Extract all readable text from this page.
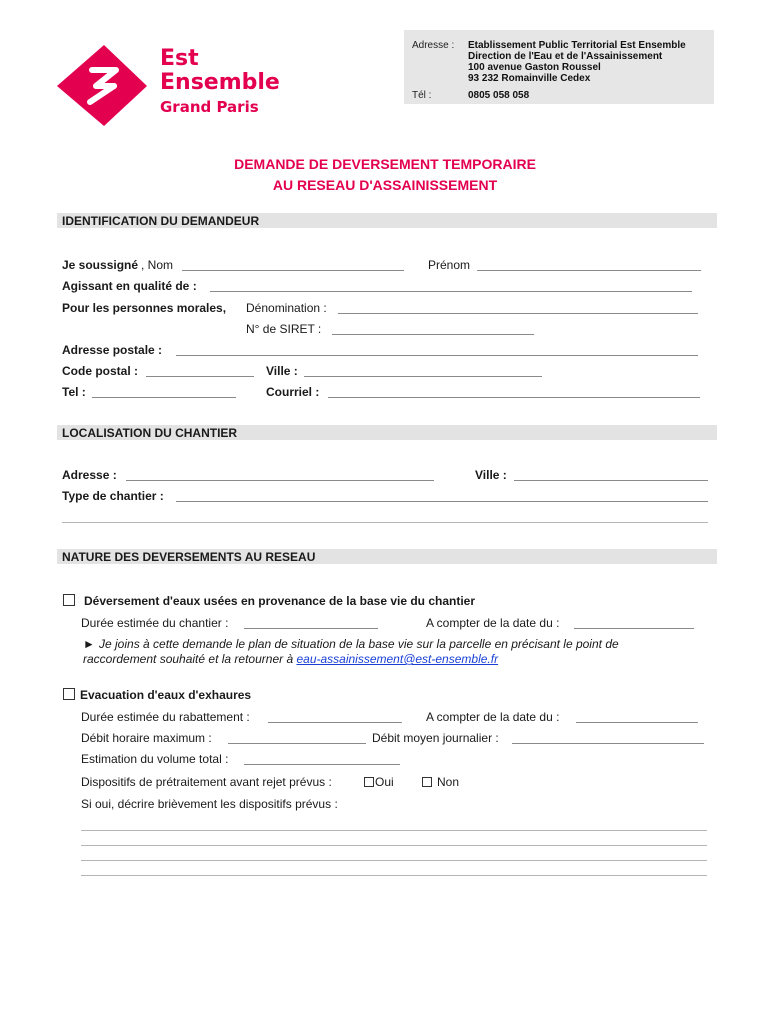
Est
Ensemble
Grand Paris
Adresse : Etablissement Public Territorial Est Ensemble
Direction de l'Eau et de l'Assainissement
100 avenue Gaston Roussel
93 232 Romainville Cedex
Tél :	0805 058 058
DEMANDE DE DEVERSEMENT TEMPORAIRE
AU RESEAU D'ASSAINISSEMENT
IDENTIFICATION DU DEMANDEUR
Je soussigné , Nom	Prénom
Agissant en qualité de :
Pour les personnes morales, Dénomination :
N° de SIRET :
Adresse postale :
Code postal :	Ville :
Tel :	Courriel :
LOCALISATION DU CHANTIER
Adresse :	Ville :
Type de chantier :
NATURE DES DEVERSEMENTS AU RESEAU
Déversement d'eaux usées en provenance de la base vie du chantier
Durée estimée du chantier :	A compter de la date du :
► Je joins à cette demande le plan de situation de la base vie sur la parcelle en précisant le point de
raccordement souhaité et la retourner à eau-assainissement@est-ensemble.fr
Evacuation d'eaux d'exhaures
Durée estimée du rabattement :	A compter de la date du :
Débit horaire maximum :	Débit moyen journalier :
Estimation du volume total :
Dispositifs de prétraitement avant rejet prévus :	Oui	Non
Si oui, décrire brièvement les dispositifs prévus :
